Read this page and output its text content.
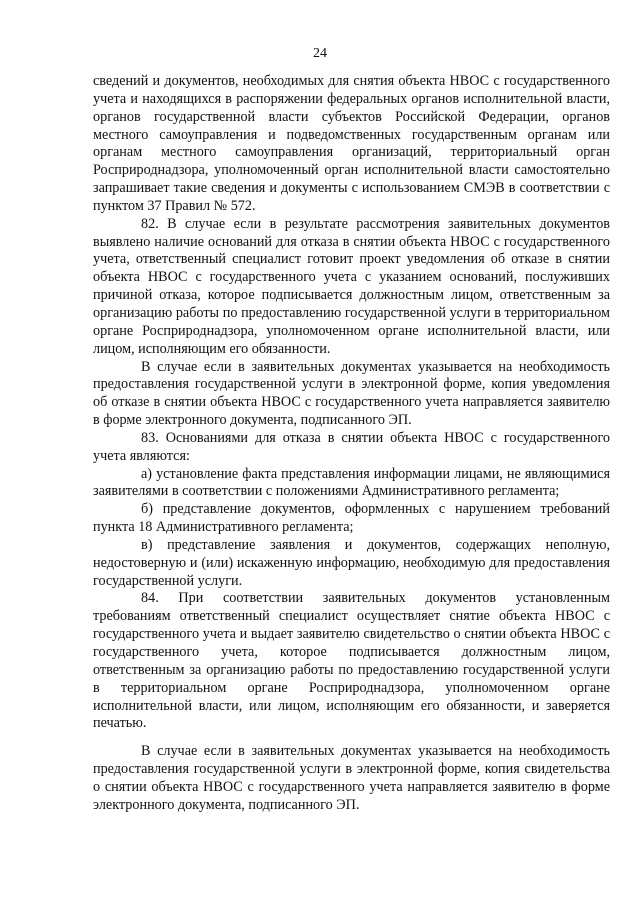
24

сведений и документов, необходимых для снятия объекта НВОС с государственного учета и находящихся в распоряжении федеральных органов исполнительной власти, органов государственной власти субъектов Российской Федерации, органов местного самоуправления и подведомственных государственным органам или органам местного самоуправления организаций, территориальный орган Росприроднадзора, уполномоченный орган исполнительной власти самостоятельно запрашивает такие сведения и документы с использованием СМЭВ в соответствии с пунктом 37 Правил № 572.

82. В случае если в результате рассмотрения заявительных документов выявлено наличие оснований для отказа в снятии объекта НВОС с государственного учета, ответственный специалист готовит проект уведомления об отказе в снятии объекта НВОС с государственного учета с указанием оснований, послуживших причиной отказа, которое подписывается должностным лицом, ответственным за организацию работы по предоставлению государственной услуги в территориальном органе Росприроднадзора, уполномоченном органе исполнительной власти, или лицом, исполняющим его обязанности.

В случае если в заявительных документах указывается на необходимость предоставления государственной услуги в электронной форме, копия уведомления об отказе в снятии объекта НВОС с государственного учета направляется заявителю в форме электронного документа, подписанного ЭП.

83. Основаниями для отказа в снятии объекта НВОС с государственного учета являются:

а) установление факта представления информации лицами, не являющимися заявителями в соответствии с положениями Административного регламента;

б) представление документов, оформленных с нарушением требований пункта 18 Административного регламента;

в) представление заявления и документов, содержащих неполную, недостоверную и (или) искаженную информацию, необходимую для предоставления государственной услуги.

84. При соответствии заявительных документов установленным требованиям ответственный специалист осуществляет снятие объекта НВОС с государственного учета и выдает заявителю свидетельство о снятии объекта НВОС с государственного учета, которое подписывается должностным лицом, ответственным за организацию работы по предоставлению государственной услуги в территориальном органе Росприроднадзора, уполномоченном органе исполнительной власти, или лицом, исполняющим его обязанности, и заверяется печатью.

В случае если в заявительных документах указывается на необходимость предоставления государственной услуги в электронной форме, копия свидетельства о снятии объекта НВОС с государственного учета направляется заявителю в форме электронного документа, подписанного ЭП.
